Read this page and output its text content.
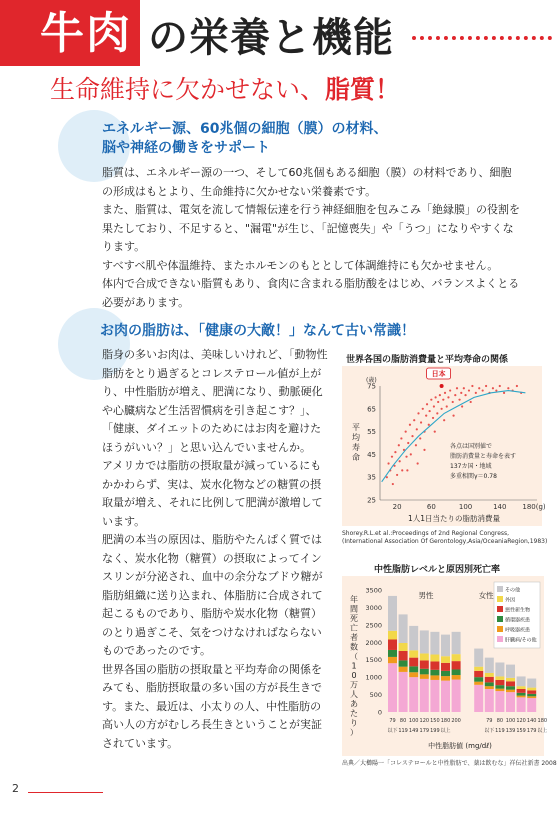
牛肉 の栄養と機能
生命維持に欠かせない、脂質！
エネルギー源、60兆個の細胞（膜）の材料、
脳や神経の働きをサポート

脂質は、エネルギー源の一つ、そして60兆個もある細胞（膜）の材料であり、細胞の形成はもとより、生命維持に欠かせない栄養素です。

また、脂質は、電気を流して情報伝達を行う神経細胞を包みこみ「絶縁膜」の役割を果たしており、不足すると、"漏電"が生じ、「記憶喪失」や「うつ」になりやすくなります。

すべすべ肌や体温維持、またホルモンのもととして体調維持にも欠かせません。

体内で合成できない脂質もあり、食肉に含まれる脂肪酸をはじめ、バランスよくとる必要があります。

お肉の脂肪は、「健康の大敵！」なんて古い常識！

脂身の多いお肉は、美味しいけれど、「動物性脂肪をとり過ぎるとコレステロール値が上がり、中性脂肪が増え、肥満になり、動脈硬化や心臓病など生活習慣病を引き起こす？」、「健康、ダイエットのためにはお肉を避けたほうがいい？」と思い込んでいませんか。

アメリカでは脂肪の摂取量が減っているにもかかわらず、実は、炭水化物などの糖質の摂取量が増え、それに比例して肥満が激増しています。

肥満の本当の原因は、脂肪やたんぱく質ではなく、炭水化物（糖質）の摂取によってインスリンが分泌され、血中の余分なブドウ糖が脂肪組織に送り込まれ、体脂肪に合成されて起こるものであり、脂肪や炭水化物（糖質）のとり過ぎこそ、気をつけなければならないものであったのです。

世界各国の脂肪の摂取量と平均寿命の関係をみても、脂肪摂取量の多い国の方が長生きです。また、最近は、小太りの人、中性脂肪の高い人の方がむしろ長生きということが実証されています。

世界各国の脂肪消費量と平均寿命の関係
(歳)
75
65
55
45
35
25
20	60	100	140 180(g)
平
均
寿
命
日本
各点は国別値で
脂肪消費量と寿命を表す
137カ国・地域
多重相関γ＝0.78
1人1日当たりの脂肪消費量
Shorey.R.L.et al.:Proceedings of 2nd Regional Congress,
(International Association Of Gerontology,Asia/OceaniaRegion,1983)
中性脂肪レベルと原因別死亡率
3500
3000
2500
2000
1500
1000
500
0
年
間
死
亡
者
数
（
1
0
万
人
あ
た
り
）
男性	女性
その他
外因
悪性新生物
循環器疾患
呼吸器疾患
肝臓病/その他
79
以下
80
119
100
149
120
179
150
199
180
以上
200	79
以下
80
119
100
139
120
159
140
179
180
以上
中性脂肪値 (mg/dℓ)
出典／大櫛陽一「コレステロールと中性脂肪で、薬は飲むな」祥伝社新書 2008
2
